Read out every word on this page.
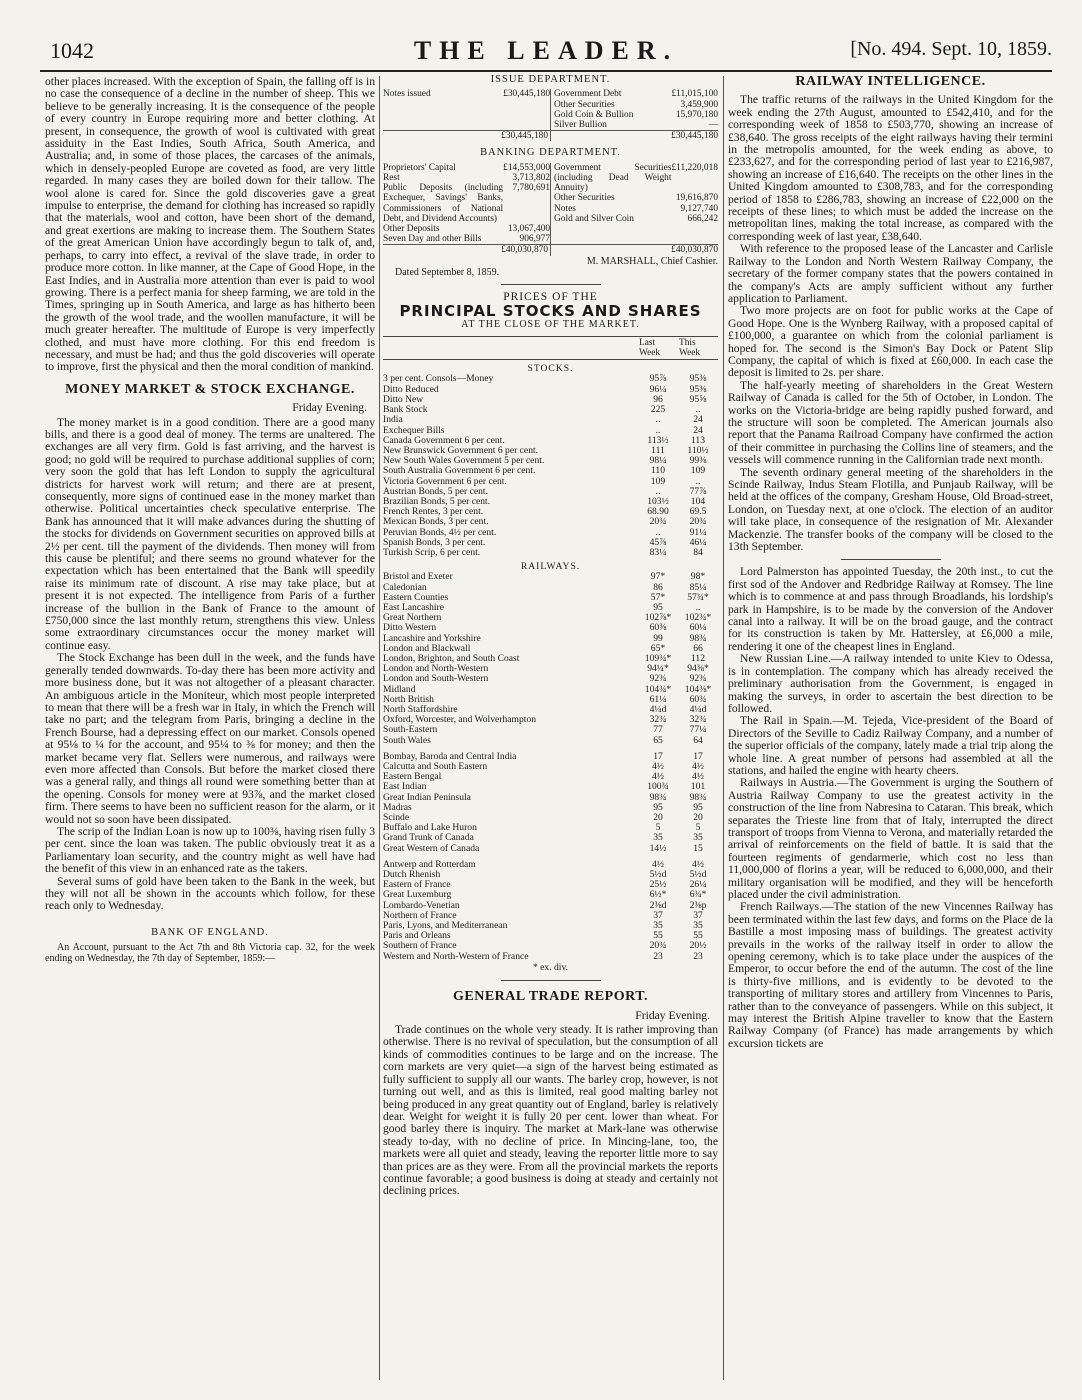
1042	THE LEADER.	[No. 494. Sept. 10, 1859.

other places increased. With the exception of Spain, the falling off is in no case the consequence of a decline in the number of sheep. This we believe to be generally increasing. It is the consequence of the people of every country in Europe requiring more and better clothing. At present, in consequence, the growth of wool is cultivated with great assiduity in the East Indies, South Africa, South America, and Australia; and, in some of those places, the carcases of the animals, which in densely-peopled Europe are coveted as food, are very little regarded. In many cases they are boiled down for their tallow. The wool alone is cared for. Since the gold discoveries gave a great impulse to enterprise, the demand for clothing has increased so rapidly that the materials, wool and cotton, have been short of the demand, and great exertions are making to increase them. The Southern States of the great American Union have accordingly begun to talk of, and, perhaps, to carry into effect, a revival of the slave trade, in order to produce more cotton. In like manner, at the Cape of Good Hope, in the East Indies, and in Australia more attention than ever is paid to wool growing. There is a perfect mania for sheep farming, we are told in the Times, springing up in South America, and large as has hitherto been the growth of the wool trade, and the woollen manufacture, it will be much greater hereafter. The multitude of Europe is very imperfectly clothed, and must have more clothing. For this end freedom is necessary, and must be had; and thus the gold discoveries will operate to improve, first the physical and then the moral condition of mankind.

MONEY MARKET & STOCK EXCHANGE.
Friday Evening.

The money market is in a good condition. There are a good many bills, and there is a good deal of money. The terms are unaltered. The exchanges are all very firm. Gold is fast arriving, and the harvest is good; no gold will be required to purchase additional supplies of corn; very soon the gold that has left London to supply the agricultural districts for harvest work will return; and there are at present, consequently, more signs of continued ease in the money market than otherwise. Political uncertainties check speculative enterprise. The Bank has announced that it will make advances during the shutting of the stocks for dividends on Government securities on approved bills at 2½ per cent. till the payment of the dividends. Then money will from this cause be plentiful; and there seems no ground whatever for the expectation which has been entertained that the Bank will speedily raise its minimum rate of discount. A rise may take place, but at present it is not expected. The intelligence from Paris of a further increase of the bullion in the Bank of France to the amount of £750,000 since the last monthly return, strengthens this view. Unless some extraordinary circumstances occur the money market will continue easy.

The Stock Exchange has been dull in the week, and the funds have generally tended downwards. To-day there has been more activity and more business done, but it was not altogether of a pleasant character. An ambiguous article in the Moniteur, which most people interpreted to mean that there will be a fresh war in Italy, in which the French will take no part; and the telegram from Paris, bringing a decline in the French Bourse, had a depressing effect on our market. Consols opened at 95⅛ to ¼ for the account, and 95¼ to ⅜ for money; and then the market became very flat. Sellers were numerous, and railways were even more affected than Consols. But before the market closed there was a general rally, and things all round were something better than at the opening. Consols for money were at 93⅞, and the market closed firm. There seems to have been no sufficient reason for the alarm, or it would not so soon have been dissipated.

The scrip of the Indian Loan is now up to 100⅜, having risen fully 3 per cent. since the loan was taken. The public obviously treat it as a Parliamentary loan security, and the country might as well have had the benefit of this view in an enhanced rate as the takers.

Several sums of gold have been taken to the Bank in the week, but they will not all be shown in the accounts which follow, for these reach only to Wednesday.

BANK OF ENGLAND.

An Account, pursuant to the Act 7th and 8th Victoria cap. 32, for the week ending on Wednesday, the 7th day of September, 1859:—

ISSUE DEPARTMENT.
Notes issued	£30,445,180
	Government Debt	£11,015,100
Other Securities	3,459,900
Gold Coin & Bullion	15,970,180
Silver Bullion	—

£30,445,180	£30,445,180
BANKING DEPARTMENT.
Proprietors' Capital	£14,553,000
Rest	3,713,802
Public Deposits (including Exchequer, Savings' Banks, Commissioners of National Debt, and Dividend Accounts)	7,780,691
Other Deposits	13,067,400
Seven Day and other Bills	906,977

Government Securities (including Dead Weight Annuity)	£11,220,018
Other Securities	19,616,870
Notes	9,127,740
Gold and Silver Coin	666,242

£40,030,870	£40,030,870
M. MARSHALL, Chief Cashier.
Dated September 8, 1859.
PRICES OF THE
PRINCIPAL STOCKS AND SHARES
AT THE CLOSE OF THE MARKET.
	Last Week	This Week
STOCKS.		
3 per cent. Consols—Money	95⅞	95⅜
Ditto Reduced	96¼	95⅜
Ditto New	96	95⅝
Bank Stock	225	..
India	..	24
Exchequer Bills	..	24
Canada Government 6 per cent.	113½	113
New Brunswick Government 6 per cent.	111	110½
New South Wales Government 5 per cent.	98¼	99⅜
South Australia Government 6 per cent.	110	109
Victoria Government 6 per cent.	109	..
Austrian Bonds, 5 per cent.	..	77⅞
Brazilian Bonds, 5 per cent.	103½	104
French Rentes, 3 per cent.	68.90	69.5
Mexican Bonds, 3 per cent.	20¾	20¾
Peruvian Bonds, 4½ per cent.	..	91¼
Spanish Bonds, 3 per cent.	45⅞	46¼
Turkish Scrip, 6 per cent.	83¼	84
RAILWAYS.		
Bristol and Exeter	97*	98*
Caledonian	86	85¼
Eastern Counties	57*	57¾*
East Lancashire	95	..
Great Northern	102⅞*	102¾*
Ditto Western	60⅜	60¼
Lancashire and Yorkshire	99	98¾
London and Blackwall	65*	66
London, Brighton, and South Coast	109¾*	112
London and North-Western	94¼*	94⅜*
London and South-Western	92¾	92¾
Midland	104¾*	104⅜*
North British	61¼	60¾
North Staffordshire	4¼d	4¼d
Oxford, Worcester, and Wolverhampton	32¾	32¾
South-Eastern	77	77¼
South Wales	65	64

Bombay, Baroda and Central India	17	17
Calcutta and South Eastern	4½	4½
Eastern Bengal	4½	4½
East Indian	100¾	101
Great Indian Peninsula	98¾	98¾
Madras	95	95
Scinde	20	20
Buffalo and Lake Huron	5	5
Grand Trunk of Canada	35	35
Great Western of Canada	14½	15

Antwerp and Rotterdam	4½	4½
Dutch Rhenish	5½d	5½d
Eastern of France	25½	26¼
Great Luxemburg	6½*	6¾*
Lombardo-Venetian	2⅜d	2⅜p
Northern of France	37	37
Paris, Lyons, and Mediterranean	35	35
Paris and Orleans	55	55
Southern of France	20¾	20½
Western and North-Western of France	23	23
* ex. div.
GENERAL TRADE REPORT.
Friday Evening.

Trade continues on the whole very steady. It is rather improving than otherwise. There is no revival of speculation, but the consumption of all kinds of commodities continues to be large and on the increase. The corn markets are very quiet—a sign of the harvest being estimated as fully sufficient to supply all our wants. The barley crop, however, is not turning out well, and as this is limited, real good malting barley not being produced in any great quantity out of England, barley is relatively dear. Weight for weight it is fully 20 per cent. lower than wheat. For good barley there is inquiry. The market at Mark-lane was otherwise steady to-day, with no decline of price. In Mincing-lane, too, the markets were all quiet and steady, leaving the reporter little more to say than prices are as they were. From all the provincial markets the reports continue favorable; a good business is doing at steady and certainly not declining prices.

RAILWAY INTELLIGENCE.

The traffic returns of the railways in the United Kingdom for the week ending the 27th August, amounted to £542,410, and for the corresponding week of 1858 to £503,770, showing an increase of £38,640. The gross receipts of the eight railways having their termini in the metropolis amounted, for the week ending as above, to £233,627, and for the corresponding period of last year to £216,987, showing an increase of £16,640. The receipts on the other lines in the United Kingdom amounted to £308,783, and for the corresponding period of 1858 to £286,783, showing an increase of £22,000 on the receipts of these lines; to which must be added the increase on the metropolitan lines, making the total increase, as compared with the corresponding week of last year, £38,640.

With reference to the proposed lease of the Lancaster and Carlisle Railway to the London and North Western Railway Company, the secretary of the former company states that the powers contained in the company's Acts are amply sufficient without any further application to Parliament.

Two more projects are on foot for public works at the Cape of Good Hope. One is the Wynberg Railway, with a proposed capital of £100,000, a guarantee on which from the colonial parliament is hoped for. The second is the Simon's Bay Dock or Patent Slip Company, the capital of which is fixed at £60,000. In each case the deposit is limited to 2s. per share.

The half-yearly meeting of shareholders in the Great Western Railway of Canada is called for the 5th of October, in London. The works on the Victoria-bridge are being rapidly pushed forward, and the structure will soon be completed. The American journals also report that the Panama Railroad Company have confirmed the action of their committee in purchasing the Collins line of steamers, and the vessels will commence running in the Californian trade next month.

The seventh ordinary general meeting of the shareholders in the Scinde Railway, Indus Steam Flotilla, and Punjaub Railway, will be held at the offices of the company, Gresham House, Old Broad-street, London, on Tuesday next, at one o'clock. The election of an auditor will take place, in consequence of the resignation of Mr. Alexander Mackenzie. The transfer books of the company will be closed to the 13th September.

Lord Palmerston has appointed Tuesday, the 20th inst., to cut the first sod of the Andover and Redbridge Railway at Romsey. The line which is to commence at and pass through Broadlands, his lordship's park in Hampshire, is to be made by the conversion of the Andover canal into a railway. It will be on the broad gauge, and the contract for its construction is taken by Mr. Hattersley, at £6,000 a mile, rendering it one of the cheapest lines in England.

New Russian Line.—A railway intended to unite Kiev to Odessa, is in contemplation. The company which has already received the preliminary authorisation from the Government, is engaged in making the surveys, in order to ascertain the best direction to be followed.

The Rail in Spain.—M. Tejeda, Vice-president of the Board of Directors of the Seville to Cadiz Railway Company, and a number of the superior officials of the company, lately made a trial trip along the whole line. A great number of persons had assembled at all the stations, and hailed the engine with hearty cheers.

Railways in Austria.—The Government is urging the Southern of Austria Railway Company to use the greatest activity in the construction of the line from Nabresina to Cataran. This break, which separates the Trieste line from that of Italy, interrupted the direct transport of troops from Vienna to Verona, and materially retarded the arrival of reinforcements on the field of battle. It is said that the fourteen regiments of gendarmerie, which cost no less than 11,000,000 of florins a year, will be reduced to 6,000,000, and their military organisation will be modified, and they will be henceforth placed under the civil administration.

French Railways.—The station of the new Vincennes Railway has been terminated within the last few days, and forms on the Place de la Bastille a most imposing mass of buildings. The greatest activity prevails in the works of the railway itself in order to allow the opening ceremony, which is to take place under the auspices of the Emperor, to occur before the end of the autumn. The cost of the line is thirty-five millions, and is evidently to be devoted to the transporting of military stores and artillery from Vincennes to Paris, rather than to the conveyance of passengers. While on this subject, it may interest the British Alpine traveller to know that the Eastern Railway Company (of France) has made arrangements by which excursion tickets are
